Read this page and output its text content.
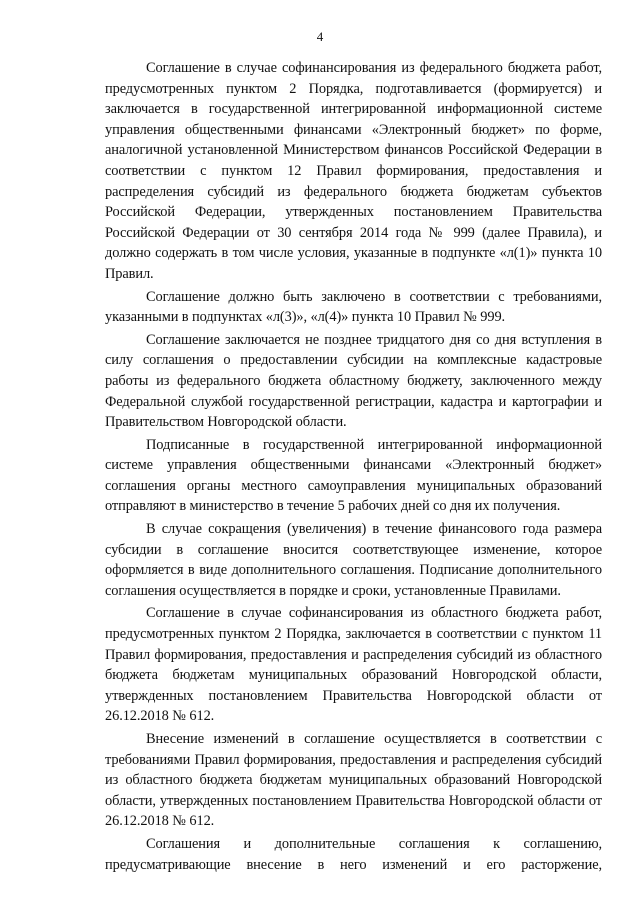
4

Соглашение в случае софинансирования из федерального бюджета работ, предусмотренных пунктом 2 Порядка, подготавливается (формируется) и заключается в государственной интегрированной информационной системе управления общественными финансами «Электронный бюджет» по форме, аналогичной установленной Министерством финансов Российской Федерации в соответствии с пунктом 12 Правил формирования, предоставления и распределения субсидий из федерального бюджета бюджетам субъектов Российской Федерации, утвержденных постановлением Правительства Российской Федерации от 30 сентября 2014 года № 999 (далее Правила), и должно содержать в том числе условия, указанные в подпункте «л(1)» пункта 10 Правил.

Соглашение должно быть заключено в соответствии с требованиями, указанными в подпунктах «л(3)», «л(4)» пункта 10 Правил № 999.

Соглашение заключается не позднее тридцатого дня со дня вступления в силу соглашения о предоставлении субсидии на комплексные кадастровые работы из федерального бюджета областному бюджету, заключенного между Федеральной службой государственной регистрации, кадастра и картографии и Правительством Новгородской области.

Подписанные в государственной интегрированной информационной системе управления общественными финансами «Электронный бюджет» соглашения органы местного самоуправления муниципальных образований отправляют в министерство в течение 5 рабочих дней со дня их получения.

В случае сокращения (увеличения) в течение финансового года размера субсидии в соглашение вносится соответствующее изменение, которое оформляется в виде дополнительного соглашения. Подписание дополнительного соглашения осуществляется в порядке и сроки, установленные Правилами.

Соглашение в случае софинансирования из областного бюджета работ, предусмотренных пунктом 2 Порядка, заключается в соответствии с пунктом 11 Правил формирования, предоставления и распределения субсидий из областного бюджета бюджетам муниципальных образований Новгородской области, утвержденных постановлением Правительства Новгородской области от 26.12.2018 № 612.

Внесение изменений в соглашение осуществляется в соответствии с требованиями Правил формирования, предоставления и распределения субсидий из областного бюджета бюджетам муниципальных образований Новгородской области, утвержденных постановлением Правительства Новгородской области от 26.12.2018 № 612.

Соглашения и дополнительные соглашения к соглашению, предусматривающие внесение в него изменений и его расторжение,
